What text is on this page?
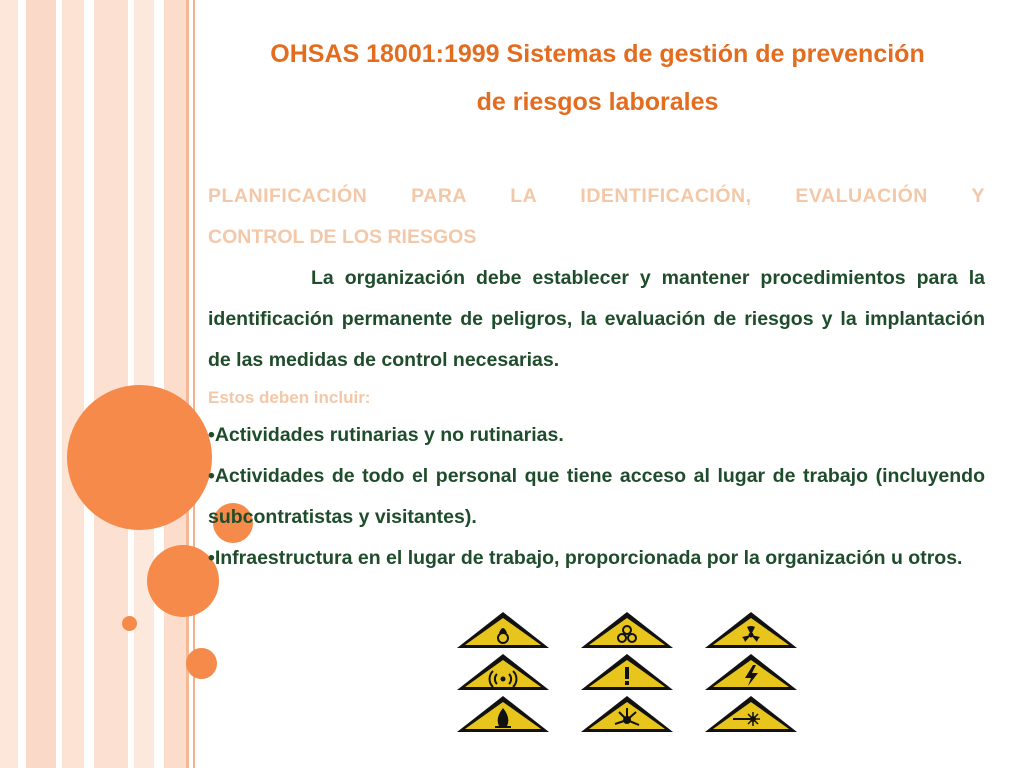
OHSAS 18001:1999 Sistemas de gestión de prevención
de riesgos laborales

PLANIFICACIÓN PARA LA IDENTIFICACIÓN, EVALUACIÓN Y

CONTROL DE LOS RIESGOS

La organización debe establecer y mantener procedimientos para la identificación permanente de peligros, la evaluación de riesgos y la implantación de las medidas de control necesarias.

Estos deben incluir:

•Actividades rutinarias y no rutinarias.

•Actividades de todo el personal que tiene acceso al lugar de trabajo (incluyendo subcontratistas y visitantes).

•Infraestructura en el lugar de trabajo, proporcionada por la organización u otros.
